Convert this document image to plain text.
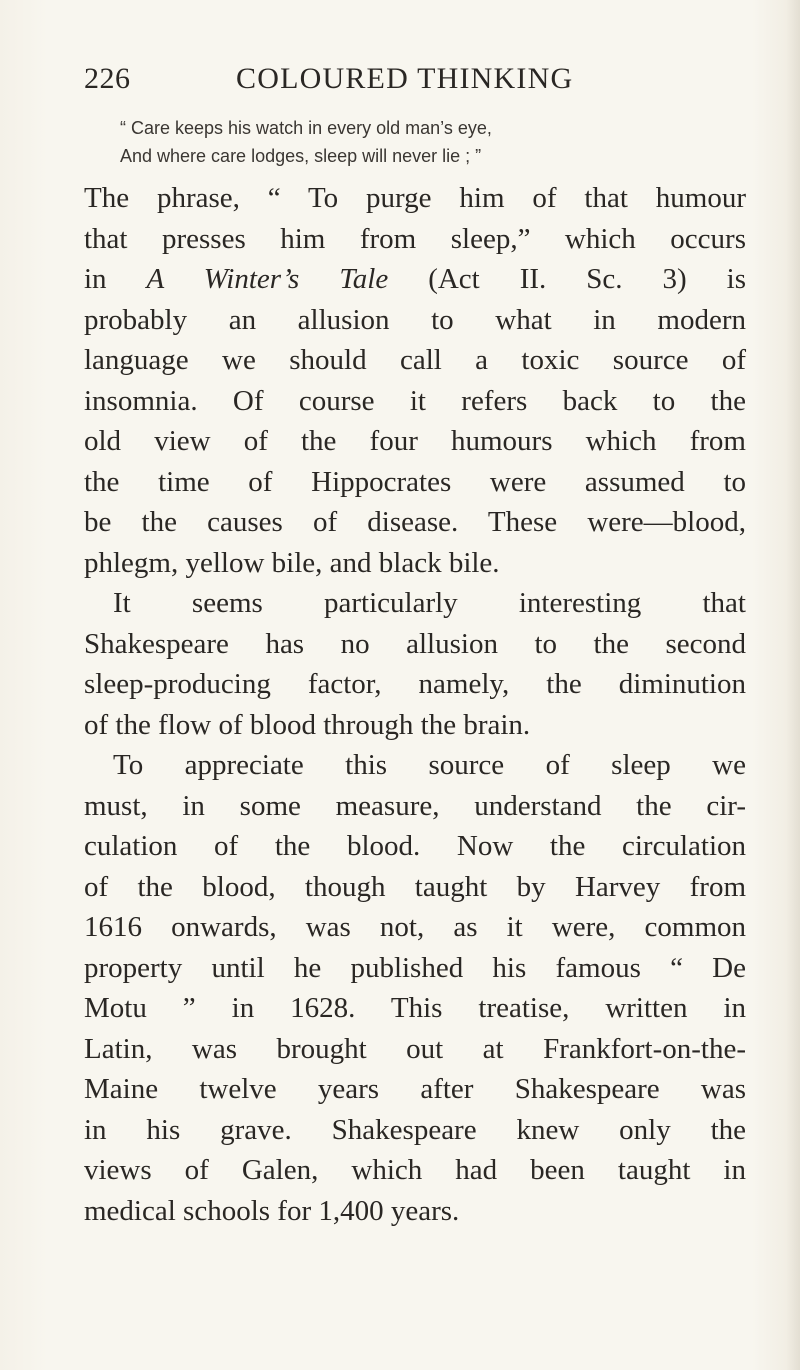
226	COLOURED THINKING
“ Care keeps his watch in every old man’s eye,
And where care lodges, sleep will never lie ; ”
The phrase, “ To purge him of that humour
that presses him from sleep,” which occurs
in A Winter’s Tale (Act II. Sc. 3) is
probably an allusion to what in modern
language we should call a toxic source of
insomnia. Of course it refers back to the
old view of the four humours which from
the time of Hippocrates were assumed to
be the causes of disease. These were—blood,
phlegm, yellow bile, and black bile.
It seems particularly interesting that
Shakespeare has no allusion to the second
sleep-producing factor, namely, the diminution
of the flow of blood through the brain.
To appreciate this source of sleep we
must, in some measure, understand the cir-
culation of the blood. Now the circulation
of the blood, though taught by Harvey from
1616 onwards, was not, as it were, common
property until he published his famous “ De
Motu ” in 1628. This treatise, written in
Latin, was brought out at Frankfort-on-the-
Maine twelve years after Shakespeare was
in his grave. Shakespeare knew only the
views of Galen, which had been taught in
medical schools for 1,400 years.
